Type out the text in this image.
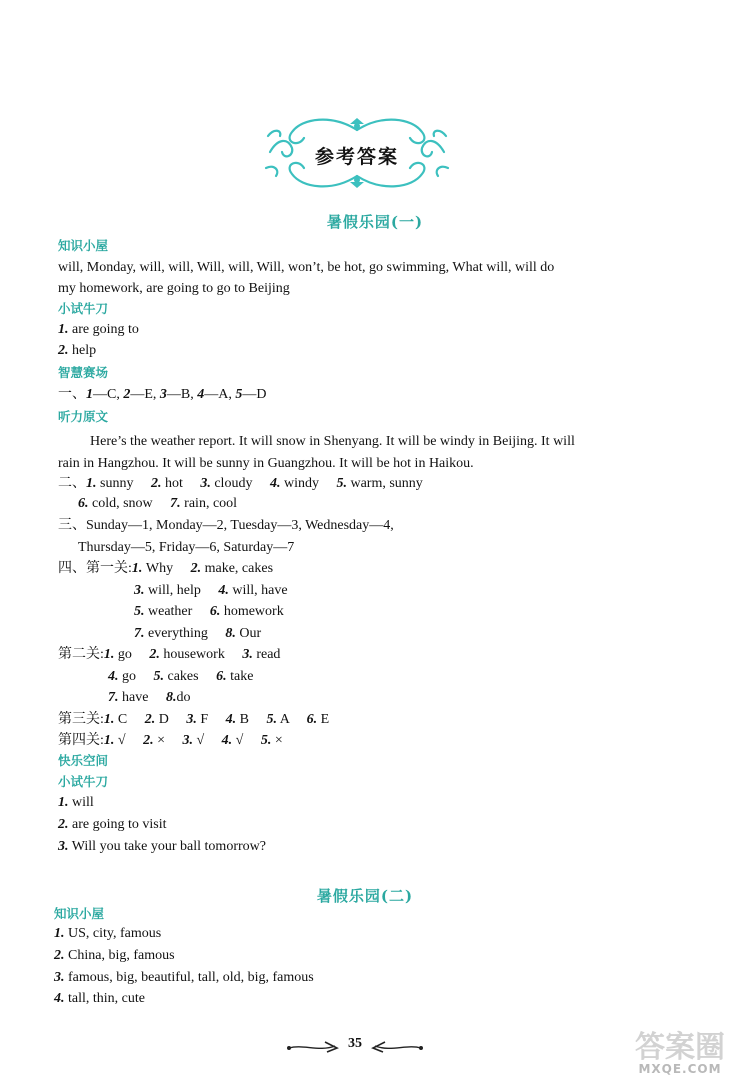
参考答案
暑假乐园(一)
知识小屋
will, Monday, will, will, Will, will, Will, won’t, be hot, go swimming, What will, will do
my homework, are going to go to Beijing
小试牛刀
1. are going to
2. help
智慧赛场
一、1—C, 2—E, 3—B, 4—A, 5—D
听力原文
Here’s the weather report. It will snow in Shenyang. It will be windy in Beijing. It will
rain in Hangzhou. It will be sunny in Guangzhou. It will be hot in Haikou.
二、1. sunny 2. hot 3. cloudy 4. windy 5. warm, sunny
6. cold, snow 7. rain, cool
三、Sunday—1, Monday—2, Tuesday—3, Wednesday—4,
Thursday—5, Friday—6, Saturday—7
四、第一关:1. Why 2. make, cakes
3. will, help 4. will, have
5. weather 6. homework
7. everything 8. Our
第二关:1. go 2. housework 3. read
4. go 5. cakes 6. take
7. have 8.do
第三关:1. C 2. D 3. F 4. B 5. A 6. E
第四关:1. √ 2. × 3. √ 4. √ 5. ×
快乐空间
小试牛刀
1. will
2. are going to visit
3. Will you take your ball tomorrow?
暑假乐园(二)
知识小屋
1. US, city, famous
2. China, big, famous
3. famous, big, beautiful, tall, old, big, famous
4. tall, thin, cute
35	答案圈
MXQE.COM
